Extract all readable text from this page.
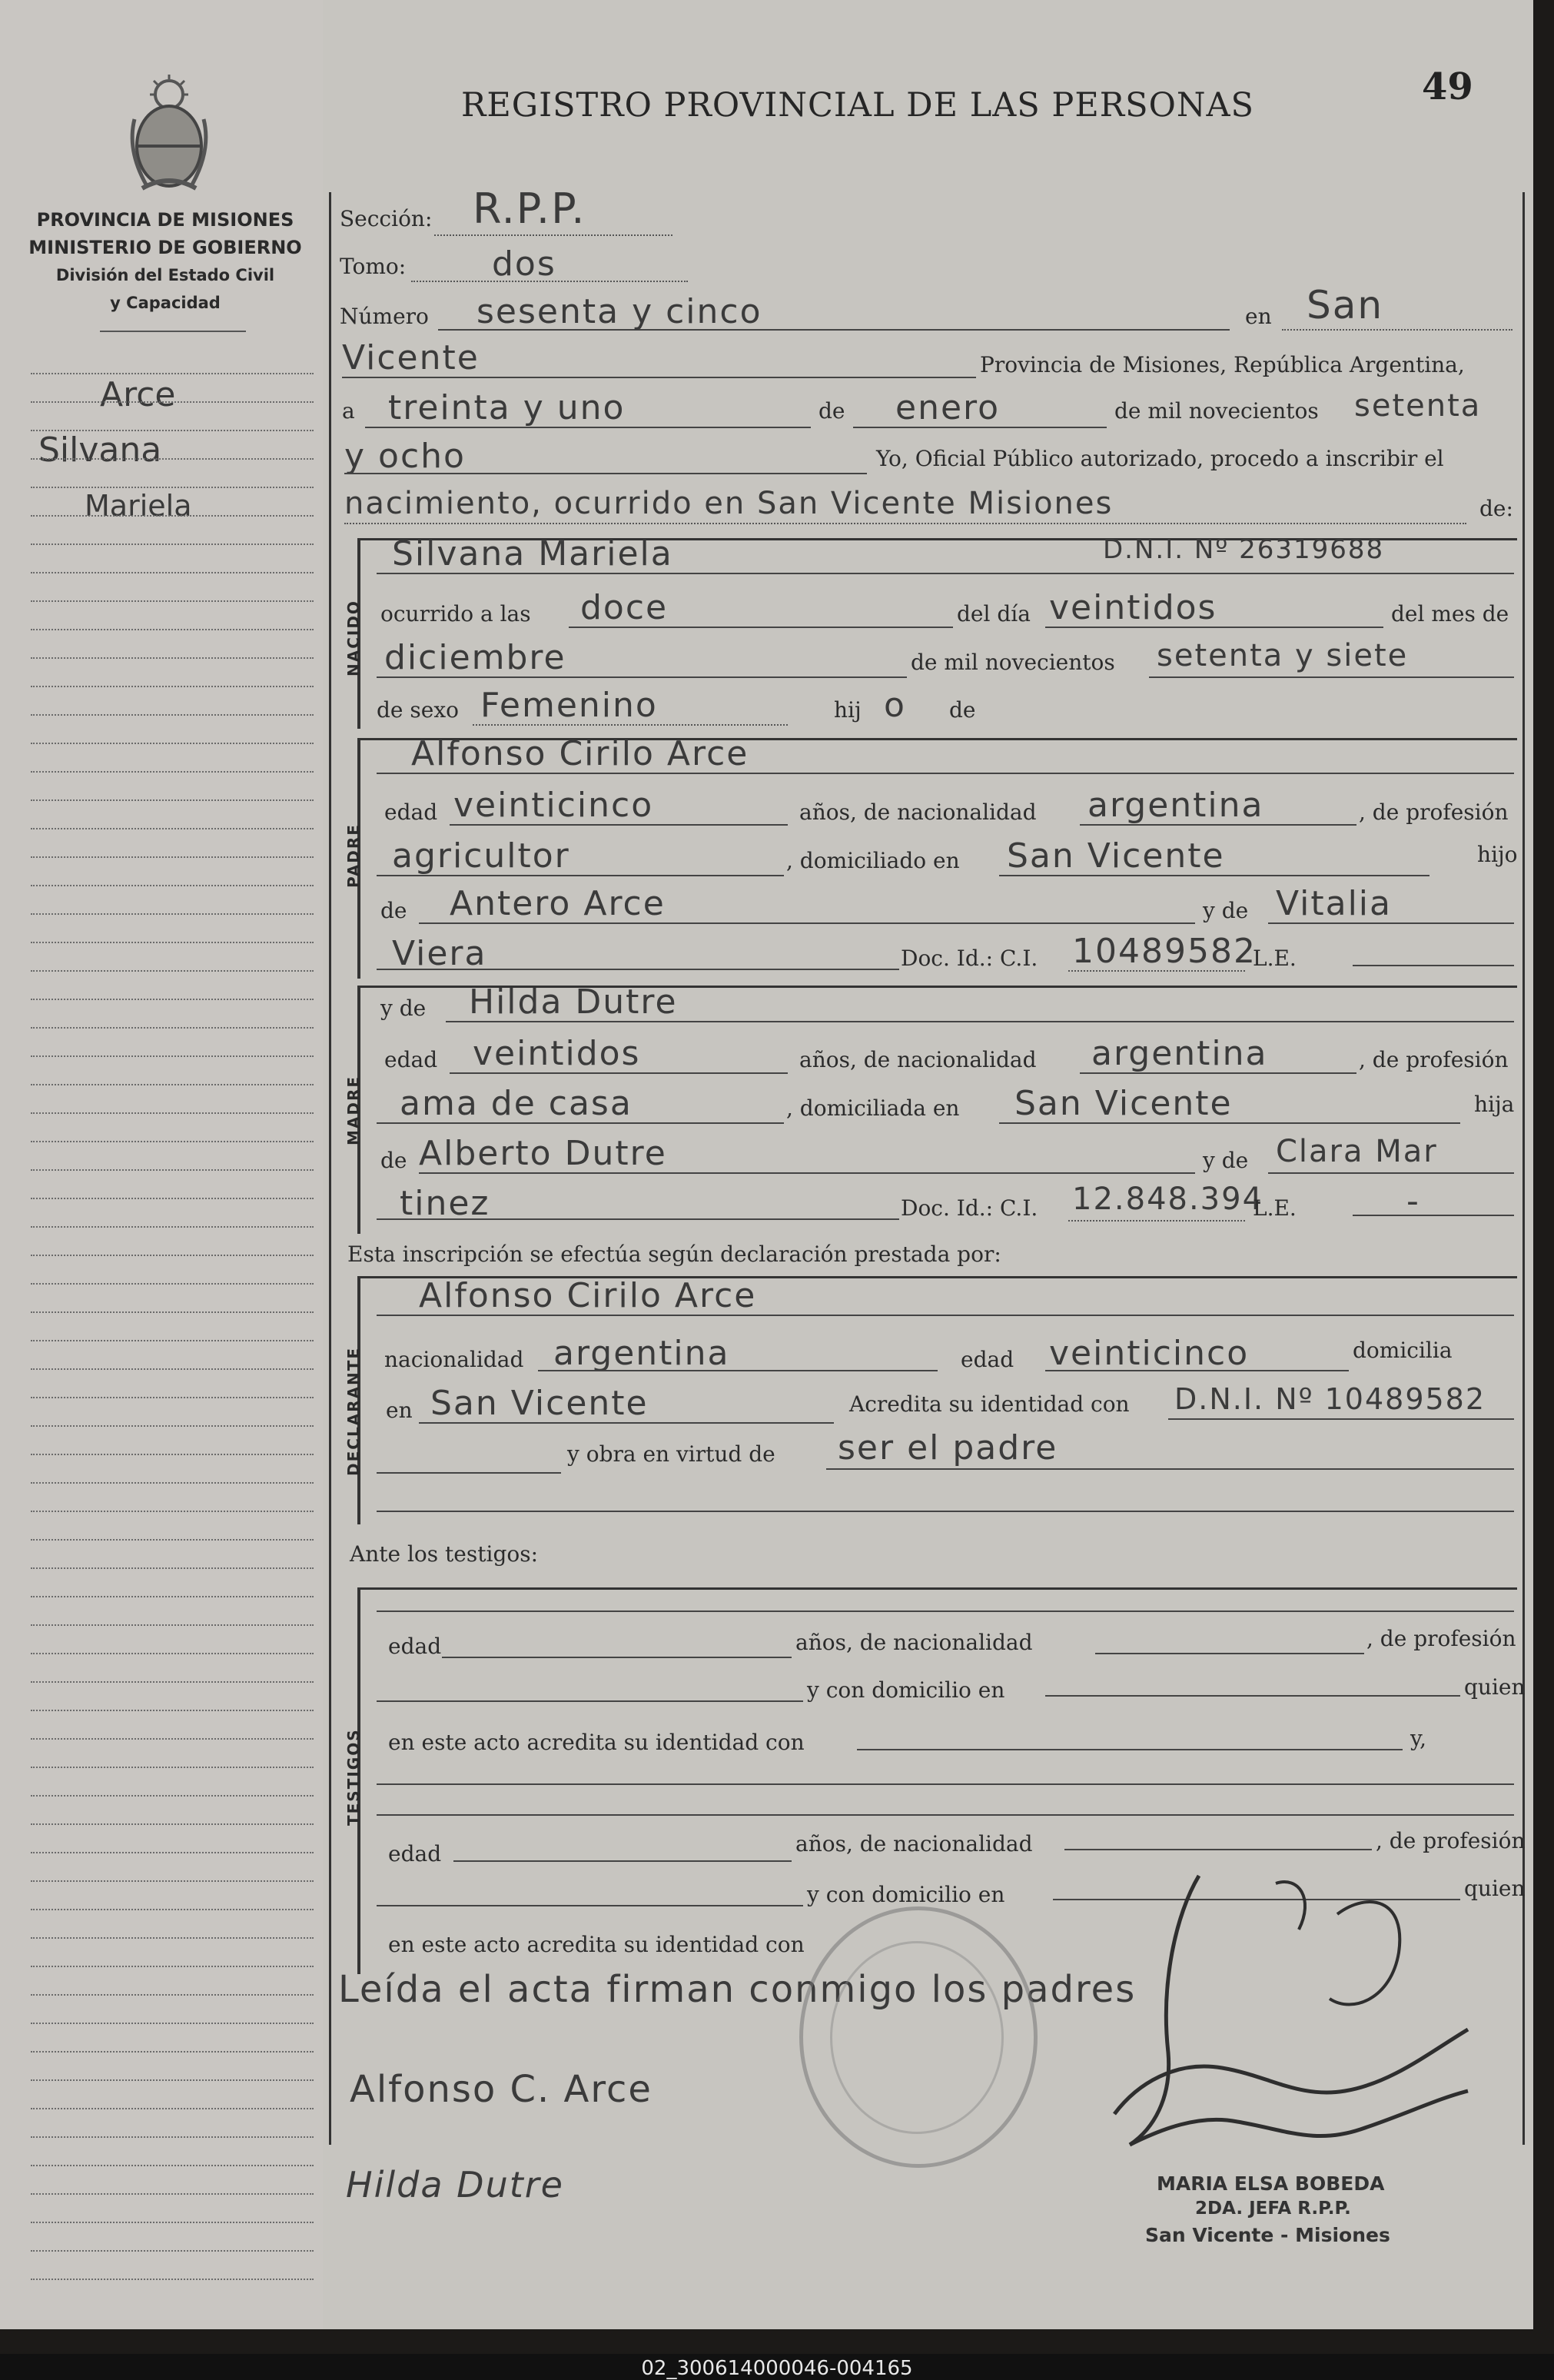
PROVINCIA DE MISIONES
MINISTERIO DE GOBIERNO
División del Estado Civil
y Capacidad
REGISTRO PROVINCIAL DE LAS PERSONAS	49
Arce
Silvana
Mariela
Sección: R.P.P.
Tomo:	dos
Número sesenta y cinco	en San
Vicente	Provincia de Misiones, República Argentina,
a treinta y uno	de enero	de mil novecientos setenta
y ocho	Yo, Oficial Público autorizado, procedo a inscribir el
nacimiento, ocurrido en San Vicente Misiones	de:
NACIDO
Silvana Mariela	D.N.I. Nº 26319688
ocurrido a las doce	del día veintidos	del mes de
diciembre	de mil novecientos setenta y siete
de sexo Femenino	hij o de
PADRE
Alfonso Cirilo Arce
edad veinticinco	años, de nacionalidad argentina	, de profesión
agricultor	, domiciliado en San Vicente	hijo
de Antero Arce	y de Vitalia
Viera	Doc. Id.: C.I. 10489582
L.E.
MADRE
y de Hilda Dutre
edad veintidos	años, de nacionalidad argentina	, de profesión
ama de casa	, domiciliada en San Vicente	hija
de Alberto Dutre	y de Clara Mar
tinez	Doc. Id.: C.I. 12.848.394
L.E.	-
Esta inscripción se efectúa según declaración prestada por:
DECLARANTE
Alfonso Cirilo Arce
nacionalidad argentina	edad veinticinco	domicilia
en San Vicente	Acredita su identidad con D.N.I. Nº 10489582
y obra en virtud de ser el padre
Ante los testigos:
TESTIGOS
edad	años, de nacionalidad	, de profesión
y con domicilio en	quien
en este acto acredita su identidad con	y,
edad	años, de nacionalidad	, de profesión
y con domicilio en	quien
en este acto acredita su identidad con
Leída el acta firman conmigo los padres
Alfonso C. Arce
Hilda Dutre	MARIA ELSA BOBEDA
2DA. JEFA R.P.P.
San Vicente - Misiones
02_300614000046-004165
